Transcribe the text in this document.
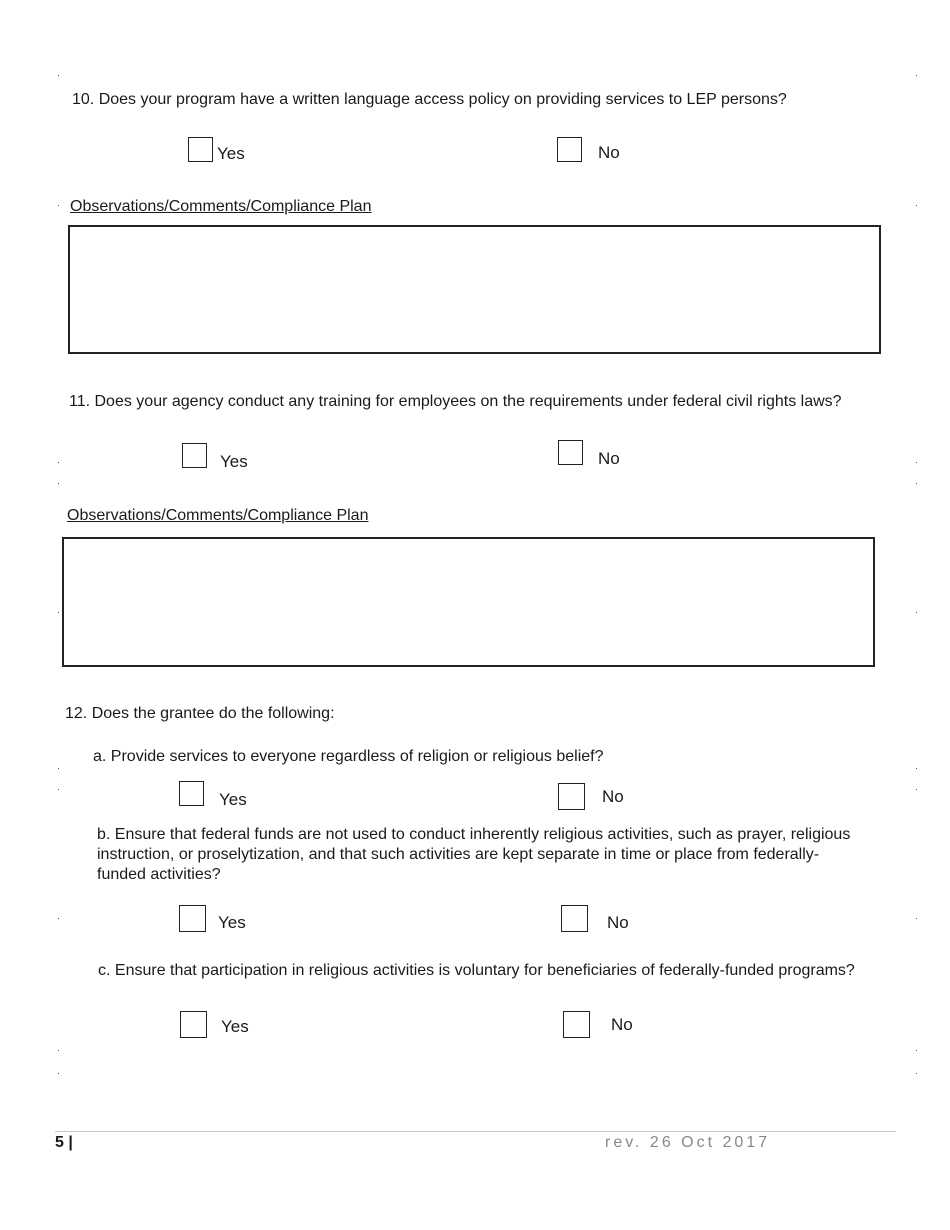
10. Does your program have a written language access policy on providing services to LEP persons?
Yes	No
Observations/Comments/Compliance Plan
11. Does your agency conduct any training for employees on the requirements under federal civil rights laws?
Yes	No
Observations/Comments/Compliance Plan
12. Does the grantee do the following:
a. Provide services to everyone regardless of religion or religious belief?
Yes	No
b. Ensure that federal funds are not used to conduct inherently religious activities, such as prayer, religious
instruction, or proselytization, and that such activities are kept separate in time or place from federally-
funded activities?
Yes	No
c. Ensure that participation in religious activities is voluntary for beneficiaries of federally-funded programs?
Yes	No
5 |	rev. 26 Oct 2017
